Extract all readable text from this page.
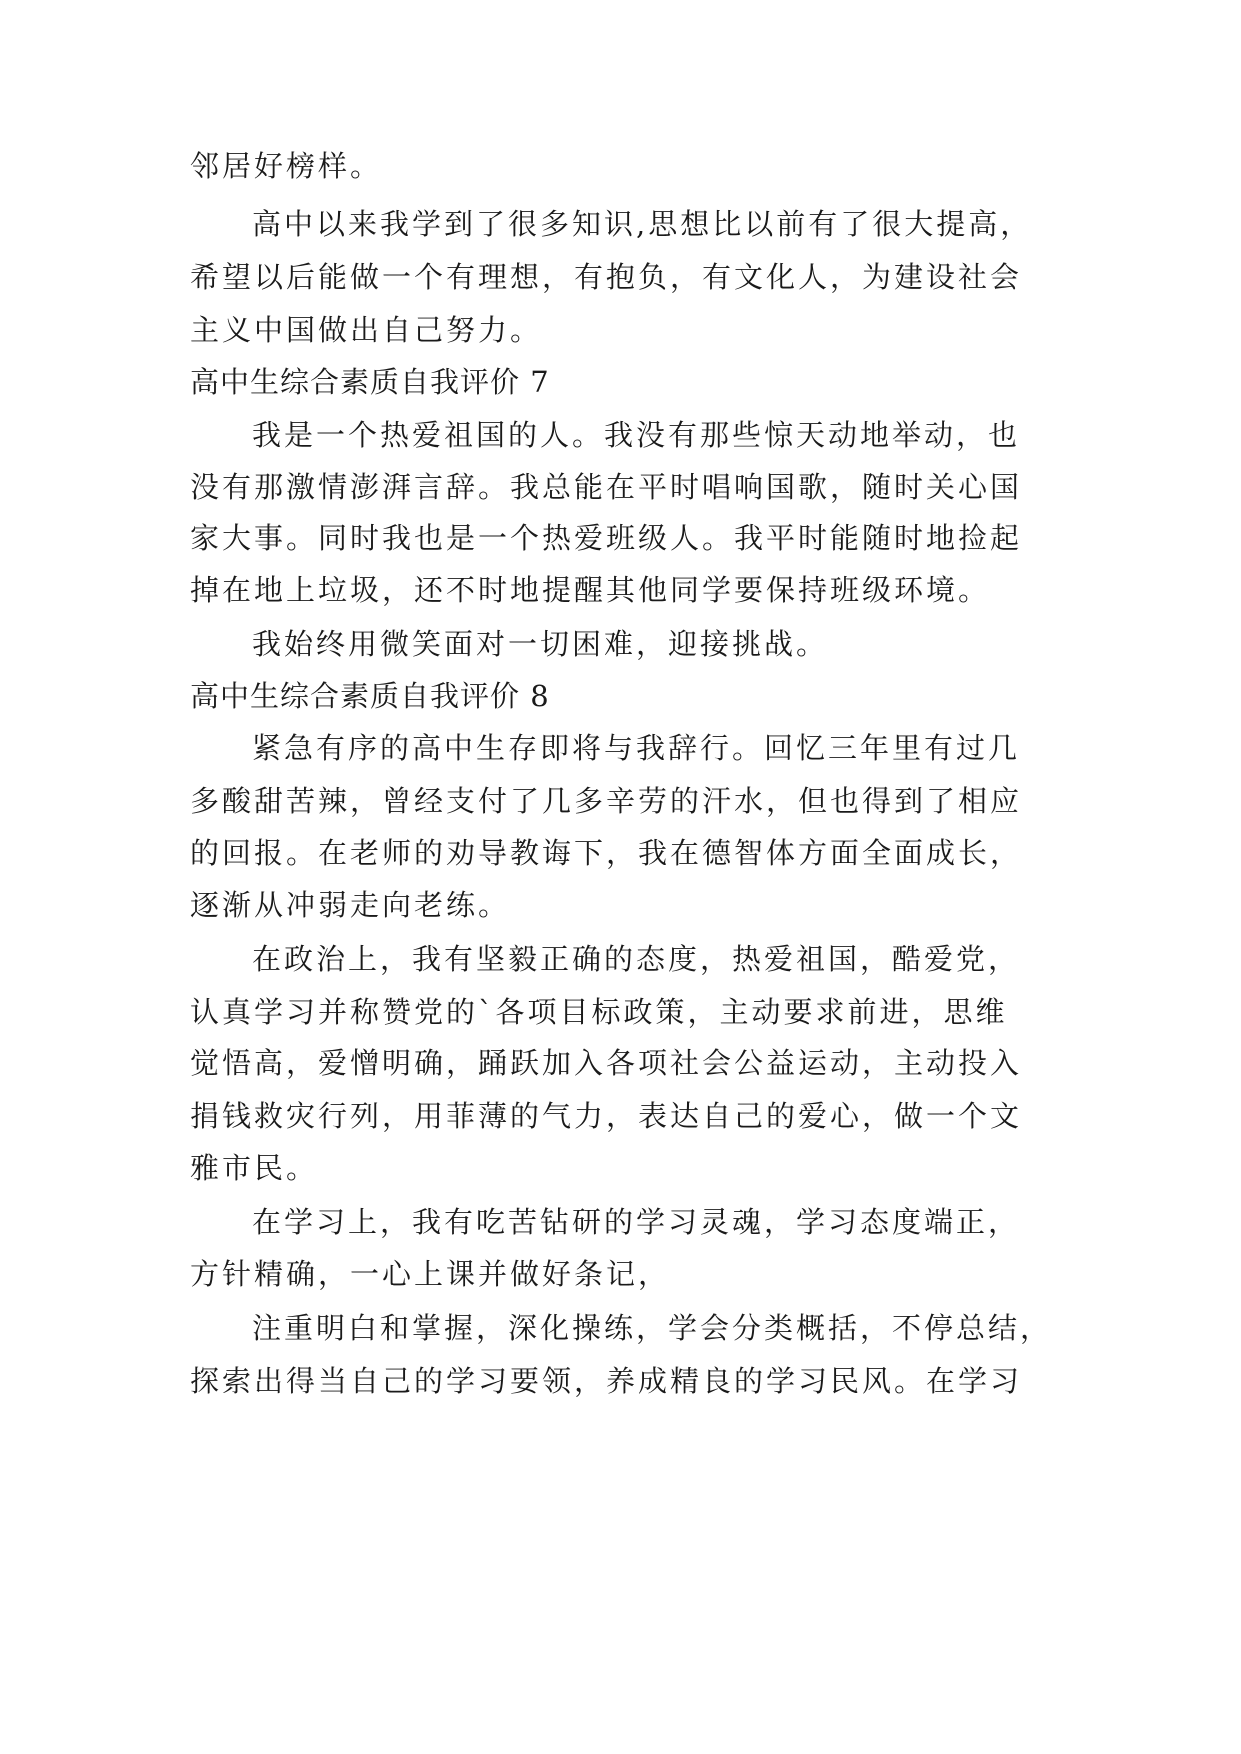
邻居好榜样。
高中以来我学到了很多知识,思想比以前有了很大提高，
希望以后能做一个有理想，有抱负，有文化人，为建设社会
主义中国做出自己努力。
高中生综合素质自我评价 7
我是一个热爱祖国的人。我没有那些惊天动地举动，也
没有那激情澎湃言辞。我总能在平时唱响国歌，随时关心国
家大事。同时我也是一个热爱班级人。我平时能随时地捡起
掉在地上垃圾，还不时地提醒其他同学要保持班级环境。
我始终用微笑面对一切困难，迎接挑战。
高中生综合素质自我评价 8
紧急有序的高中生存即将与我辞行。回忆三年里有过几
多酸甜苦辣，曾经支付了几多辛劳的汗水，但也得到了相应
的回报。在老师的劝导教诲下，我在德智体方面全面成长，
逐渐从冲弱走向老练。
在政治上，我有坚毅正确的态度，热爱祖国，酷爱党，
认真学习并称赞党的`各项目标政策，主动要求前进，思维
觉悟高，爱憎明确，踊跃加入各项社会公益运动，主动投入
捐钱救灾行列，用菲薄的气力，表达自己的爱心，做一个文
雅市民。
在学习上，我有吃苦钻研的学习灵魂，学习态度端正，
方针精确，一心上课并做好条记，
注重明白和掌握，深化操练，学会分类概括，不停总结，
探索出得当自己的学习要领，养成精良的学习民风。在学习
